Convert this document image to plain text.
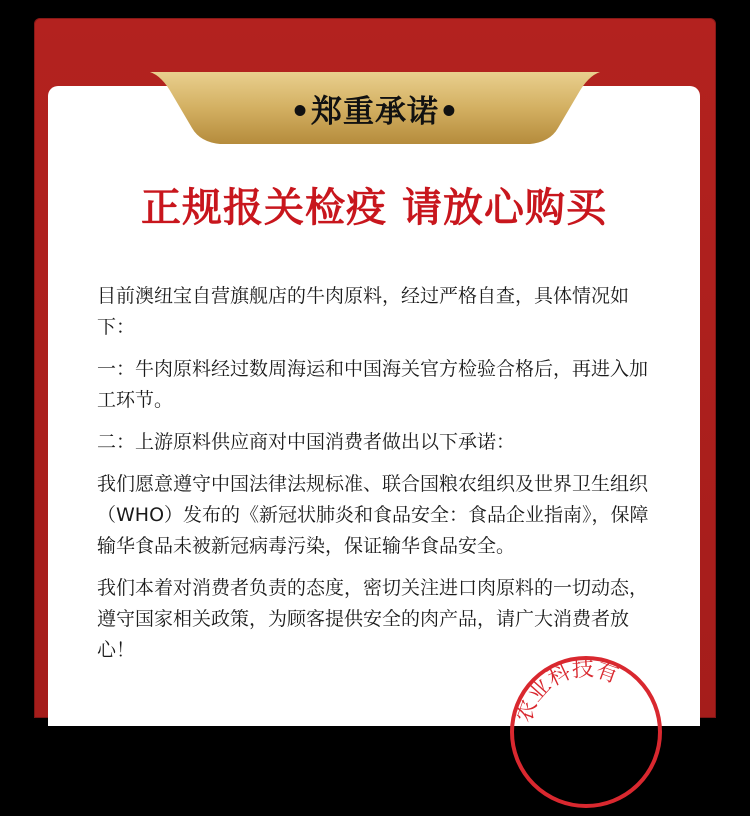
•郑重承诺•
正规报关检疫 请放心购买

目前澳纽宝自营旗舰店的牛肉原料，经过严格自查，具体情况如下：

一：牛肉原料经过数周海运和中国海关官方检验合格后，再进入加工环节。

二：上游原料供应商对中国消费者做出以下承诺：

我们愿意遵守中国法律法规标准、联合国粮农组织及世界卫生组织（WHO）发布的《新冠状肺炎和食品安全：食品企业指南》，保障输华食品未被新冠病毒污染，保证输华食品安全。

我们本着对消费者负责的态度，密切关注进口肉原料的一切动态，遵守国家相关政策，为顾客提供安全的肉产品，请广大消费者放心！

农业科技有
